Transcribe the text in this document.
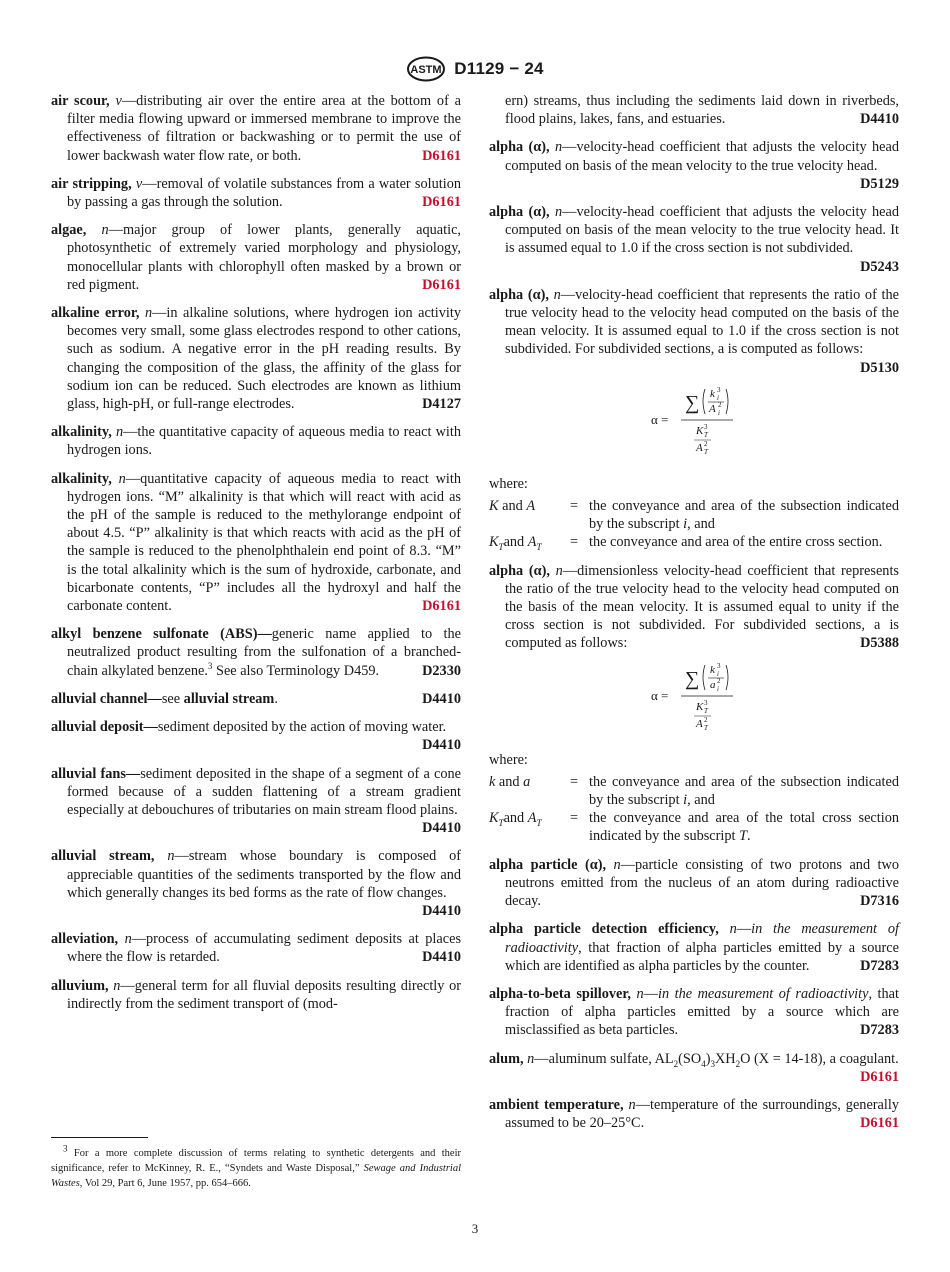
ASTM D1129 − 24

air scour, v—distributing air over the entire area at the bottom of a filter media flowing upward or immersed membrane to improve the effectiveness of filtration or backwashing or to permit the use of lower backwash water flow rate, or both.	D6161

air stripping, v—removal of volatile substances from a water solution by passing a gas through the solution.	D6161

algae, n—major group of lower plants, generally aquatic, photosynthetic of extremely varied morphology and physiology, monocellular plants with chlorophyll often masked by a brown or red pigment.	D6161

alkaline error, n—in alkaline solutions, where hydrogen ion activity becomes very small, some glass electrodes respond to other cations, such as sodium. A negative error in the pH reading results. By changing the composition of the glass, the affinity of the glass for sodium ion can be reduced. Such electrodes are known as lithium glass, high-pH, or full-range electrodes.	D4127

alkalinity, n—the quantitative capacity of aqueous media to react with hydrogen ions.

alkalinity, n—quantitative capacity of aqueous media to react with hydrogen ions. “M” alkalinity is that which will react with acid as the pH of the sample is reduced to the methylorange endpoint of about 4.5. “P” alkalinity is that which reacts with acid as the pH of the sample is reduced to the phenolphthalein end point of 8.3. “M” is the total alkalinity which is the sum of hydroxide, carbonate, and bicarbonate contents, “P” includes all the hydroxyl and half the carbonate content.	D6161

alkyl benzene sulfonate (ABS)—generic name applied to the neutralized product resulting from the sulfonation of a branched-chain alkylated benzene.$^3$ See also Terminology D459.	D2330

alluvial channel—see alluvial stream.	D4410

alluvial deposit—sediment deposited by the action of moving water.
D4410

alluvial fans—sediment deposited in the shape of a segment of a cone formed because of a sudden flattening of a stream gradient especially at debouchures of tributaries on main stream flood plains.
D4410

alluvial stream, n—stream whose boundary is composed of appreciable quantities of the sediments transported by the flow and which generally changes its bed forms as the rate of flow changes.
D4410

alleviation, n—process of accumulating sediment deposits at places where the flow is retarded.	D4410

alluvium, n—general term for all fluvial deposits resulting directly or indirectly from the sediment transport of (mod-

ern) streams, thus including the sediments laid down in riverbeds, flood plains, lakes, fans, and estuaries.	D4410

alpha (α), n—velocity-head coefficient that adjusts the velocity head computed on basis of the mean velocity to the true velocity head.
D5129

alpha (α), n—velocity-head coefficient that adjusts the velocity head computed on basis of the mean velocity to the true velocity head. It is assumed equal to 1.0 if the cross section is not subdivided.
D5243

alpha (α), n—velocity-head coefficient that represents the ratio of the true velocity head to the velocity head computed on the basis of the mean velocity. It is assumed equal to 1.0 if the cross section is not subdivided. For subdivided sections, a is computed as follows:
D5130

α =
∑ k 3
i
A 2
i
K 3
T
A 2
T

where:

K and A	= the conveyance and area of the subsection indicated by the subscript i, and
$K_Tand$ $A_T$	= the conveyance and area of the entire cross section.

alpha (α), n—dimensionless velocity-head coefficient that represents the ratio of the true velocity head to the velocity head computed on the basis of the mean velocity. It is assumed equal to unity if the cross section is not subdivided. For subdivided sections, a is computed as follows:	D5388

α =
∑ k 3
i
a 2
i
K 3
T
A 2
T

where:

k and a	= the conveyance and area of the subsection indicated by the subscript i, and
$K_Tand$ $A_T$	= the conveyance and area of the total cross section indicated by the subscript T.

alpha particle (α), n—particle consisting of two protons and two neutrons emitted from the nucleus of an atom during radioactive decay.	D7316

alpha particle detection efficiency, n—in the measurement of radioactivity, that fraction of alpha particles emitted by a source which are identified as alpha particles by the counter.	D7283

alpha-to-beta spillover, n—in the measurement of radioactivity, that fraction of alpha particles emitted by a source which are misclassified as beta particles.	D7283

alum, n—aluminum sulfate, $AL_2(SO_4)_3XH_2O$ (X = 14-18), a coagulant.
D6161

ambient temperature, n—temperature of the surroundings, generally assumed to be 20–25°C.	D6161

$^3$ For a more complete discussion of terms relating to synthetic detergents and their significance, refer to McKinney, R. E., “Syndets and Waste Disposal,” Sewage and Industrial Wastes, Vol 29, Part 6, June 1957, pp. 654–666.
3
